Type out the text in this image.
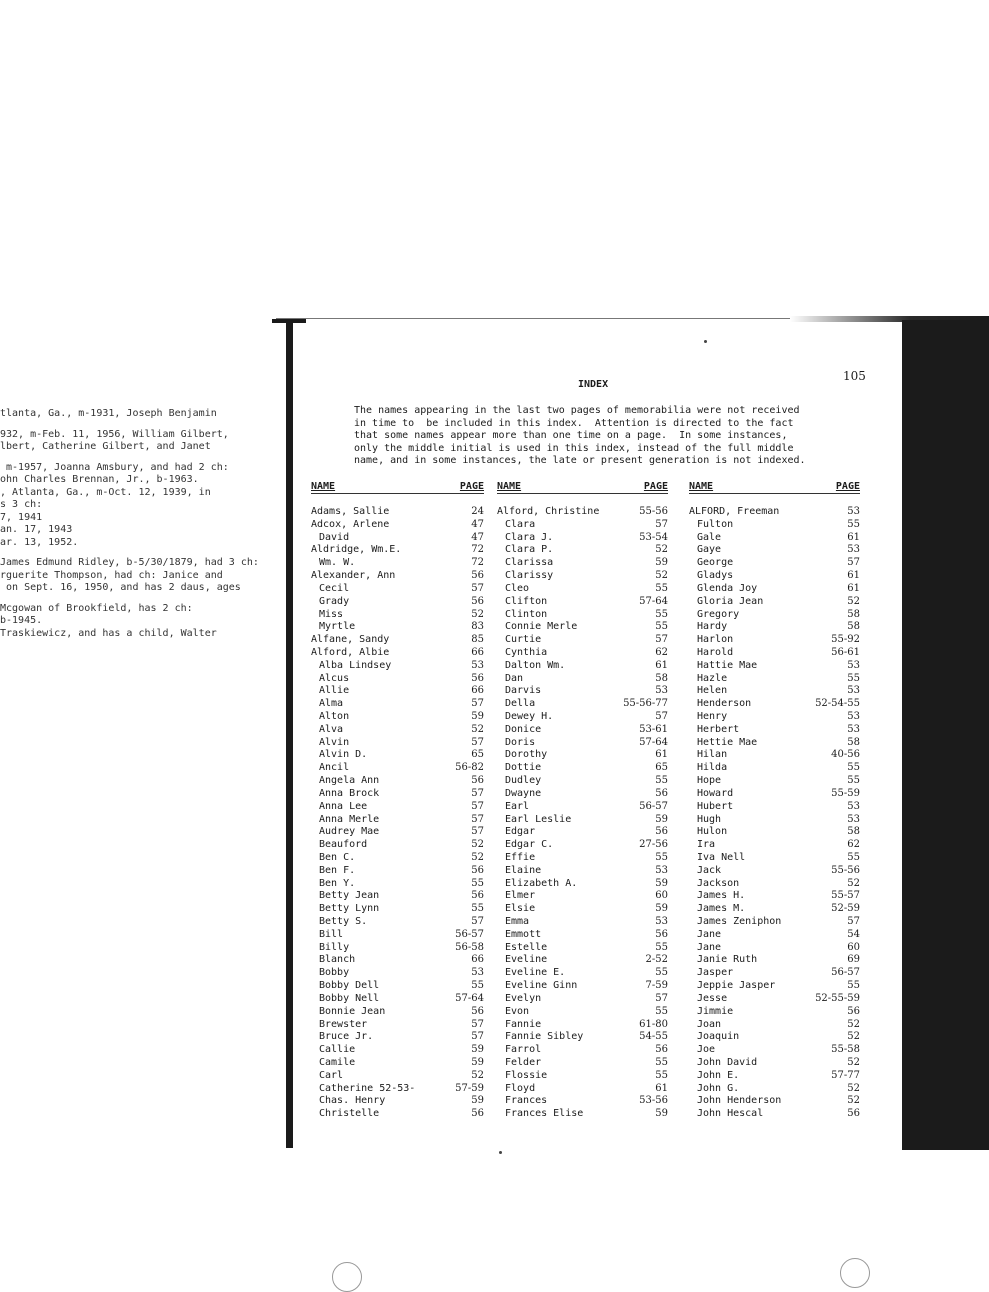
tlanta, Ga., m-1931, Joseph Benjamin
932, m-Feb. 11, 1956, William Gilbert,
lbert, Catherine Gilbert, and Janet
m-1957, Joanna Amsbury, and had 2 ch:
ohn Charles Brennan, Jr., b-1963.
, Atlanta, Ga., m-Oct. 12, 1939, in
s 3 ch:
7, 1941
an. 17, 1943
ar. 13, 1952.
James Edmund Ridley, b-5/30/1879, had 3 ch:
rguerite Thompson, had ch: Janice and
on Sept. 16, 1950, and has 2 daus, ages
Mcgowan of Brookfield, has 2 ch:
b-1945.
Traskiewicz, and has a child, Walter
105
INDEX
The names appearing in the last two pages of memorabilia were not received
in time to  be included in this index.  Attention is directed to the fact
that some names appear more than one time on a page.  In some instances,
only the middle initial is used in this index, instead of the full middle
name, and in some instances, the late or present generation is not indexed.
NAME	PAGE
Adams, Sallie	24
Adcox, Arlene	47
David	47
Aldridge, Wm.E.	72
Wm. W.	72
Alexander, Ann	56
Cecil	57
Grady	56
Miss	52
Myrtle	83
Alfane, Sandy	85
Alford, Albie	66
Alba Lindsey	53
Alcus	56
Allie	66
Alma	57
Alton	59
Alva	52
Alvin	57
Alvin D.	65
Ancil	56-82
Angela Ann	56
Anna Brock	57
Anna Lee	57
Anna Merle	57
Audrey Mae	57
Beauford	52
Ben C.	52
Ben F.	56
Ben Y.	55
Betty Jean	56
Betty Lynn	55
Betty S.	57
Bill	56-57
Billy	56-58
Blanch	66
Bobby	53
Bobby Dell	55
Bobby Nell	57-64
Bonnie Jean	56
Brewster	57
Bruce Jr.	57
Callie	59
Camile	59
Carl	52
Catherine 52-53-	57-59
Chas. Henry	59
Christelle	56
NAME	PAGE
Alford, Christine	55-56
Clara	57
Clara J.	53-54
Clara P.	52
Clarissa	59
Clarissy	52
Cleo	55
Clifton	57-64
Clinton	55
Connie Merle	55
Curtie	57
Cynthia	62
Dalton Wm.	61
Dan	58
Darvis	53
Della	55-56-77
Dewey H.	57
Donice	53-61
Doris	57-64
Dorothy	61
Dottie	65
Dudley	55
Dwayne	56
Earl	56-57
Earl Leslie	59
Edgar	56
Edgar C.	27-56
Effie	55
Elaine	53
Elizabeth A.	59
Elmer	60
Elsie	59
Emma	53
Emmott	56
Estelle	55
Eveline	2-52
Eveline E.	55
Eveline Ginn	7-59
Evelyn	57
Evon	55
Fannie	61-80
Fannie Sibley	54-55
Farrol	56
Felder	55
Flossie	55
Floyd	61
Frances	53-56
Frances Elise	59
NAME	PAGE
ALFORD, Freeman	53
Fulton	55
Gale	61
Gaye	53
George	57
Gladys	61
Glenda Joy	61
Gloria Jean	52
Gregory	58
Hardy	58
Harlon	55-92
Harold	56-61
Hattie Mae	53
Hazle	55
Helen	53
Henderson	52-54-55
Henry	53
Herbert	53
Hettie Mae	58
Hilan	40-56
Hilda	55
Hope	55
Howard	55-59
Hubert	53
Hugh	53
Hulon	58
Ira	62
Iva Nell	55
Jack	55-56
Jackson	52
James H.	55-57
James M.	52-59
James Zeniphon	57
Jane	54
Jane	60
Janie Ruth	69
Jasper	56-57
Jeppie Jasper	55
Jesse	52-55-59
Jimmie	56
Joan	52
Joaquin	52
Joe	55-58
John David	52
John E.	57-77
John G.	52
John Henderson	52
John Hescal	56
